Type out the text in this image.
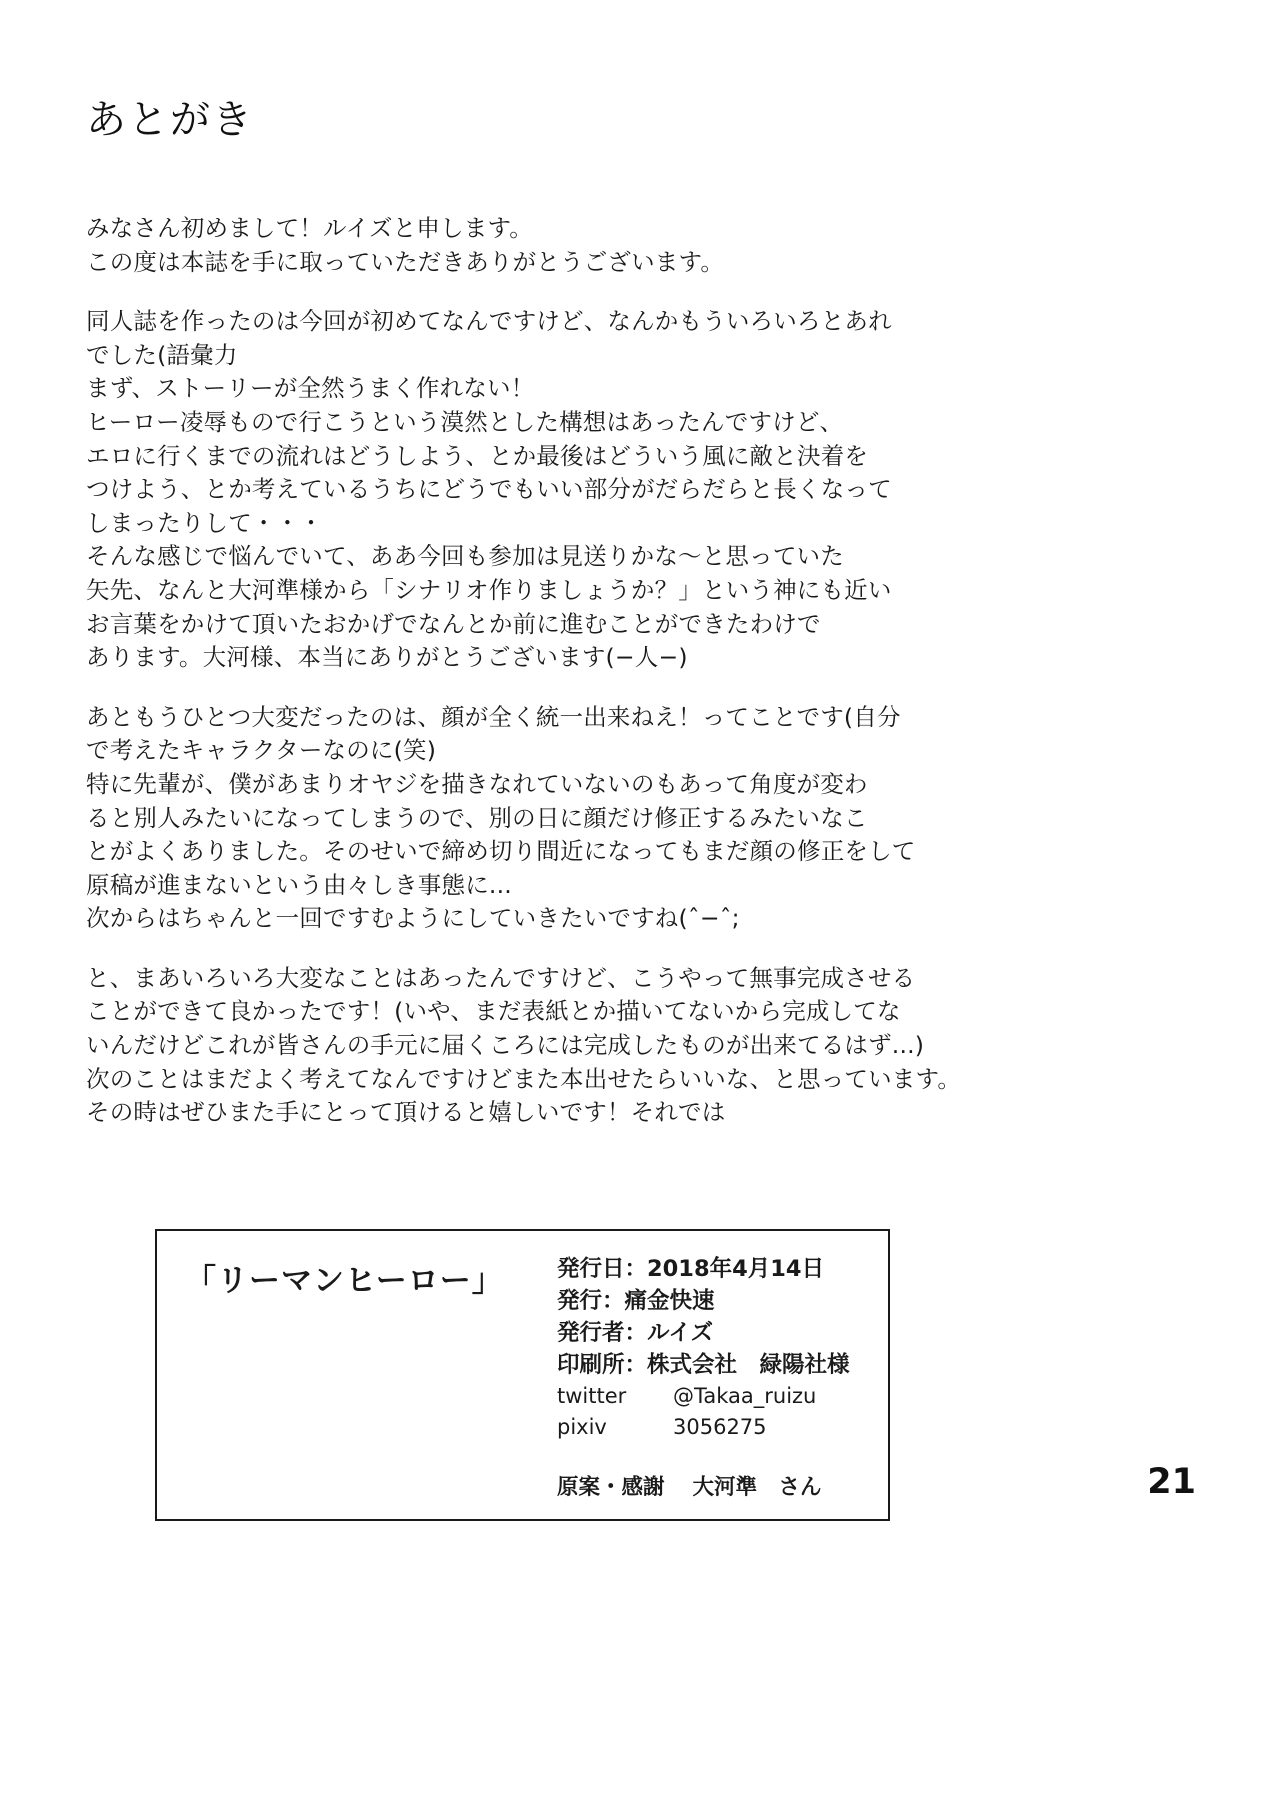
あとがき
みなさん初めまして！ルイズと申します。
この度は本誌を手に取っていただきありがとうございます。
同人誌を作ったのは今回が初めてなんですけど、なんかもういろいろとあれ
でした(語彙力
まず、ストーリーが全然うまく作れない！
ヒーロー凌辱もので行こうという漠然とした構想はあったんですけど、
エロに行くまでの流れはどうしよう、とか最後はどういう風に敵と決着を
つけよう、とか考えているうちにどうでもいい部分がだらだらと長くなって
しまったりして・・・
そんな感じで悩んでいて、ああ今回も参加は見送りかな～と思っていた
矢先、なんと大河準様から「シナリオ作りましょうか？」という神にも近い
お言葉をかけて頂いたおかげでなんとか前に進むことができたわけで
あります。大河様、本当にありがとうございます(−人−)
あともうひとつ大変だったのは、顔が全く統一出来ねえ！ってことです(自分
で考えたキャラクターなのに(笑)
特に先輩が、僕があまりオヤジを描きなれていないのもあって角度が変わ
ると別人みたいになってしまうので、別の日に顔だけ修正するみたいなこ
とがよくありました。そのせいで締め切り間近になってもまだ顔の修正をして
原稿が進まないという由々しき事態に...
次からはちゃんと一回ですむようにしていきたいですね(ˆ−ˆ;
と、まあいろいろ大変なことはあったんですけど、こうやって無事完成させる
ことができて良かったです！(いや、まだ表紙とか描いてないから完成してな
いんだけどこれが皆さんの手元に届くころには完成したものが出来てるはず...)
次のことはまだよく考えてなんですけどまた本出せたらいいな、と思っています。
その時はぜひまた手にとって頂けると嬉しいです！それでは
「リーマンヒーロー」 発行日：2018年4月14日
発行：痛金快速
発行者：ルイズ
印刷所：株式会社　緑陽社様
twitter @Takaa_ruizu
pixiv	3056275
原案・感謝 大河準　さん	21
